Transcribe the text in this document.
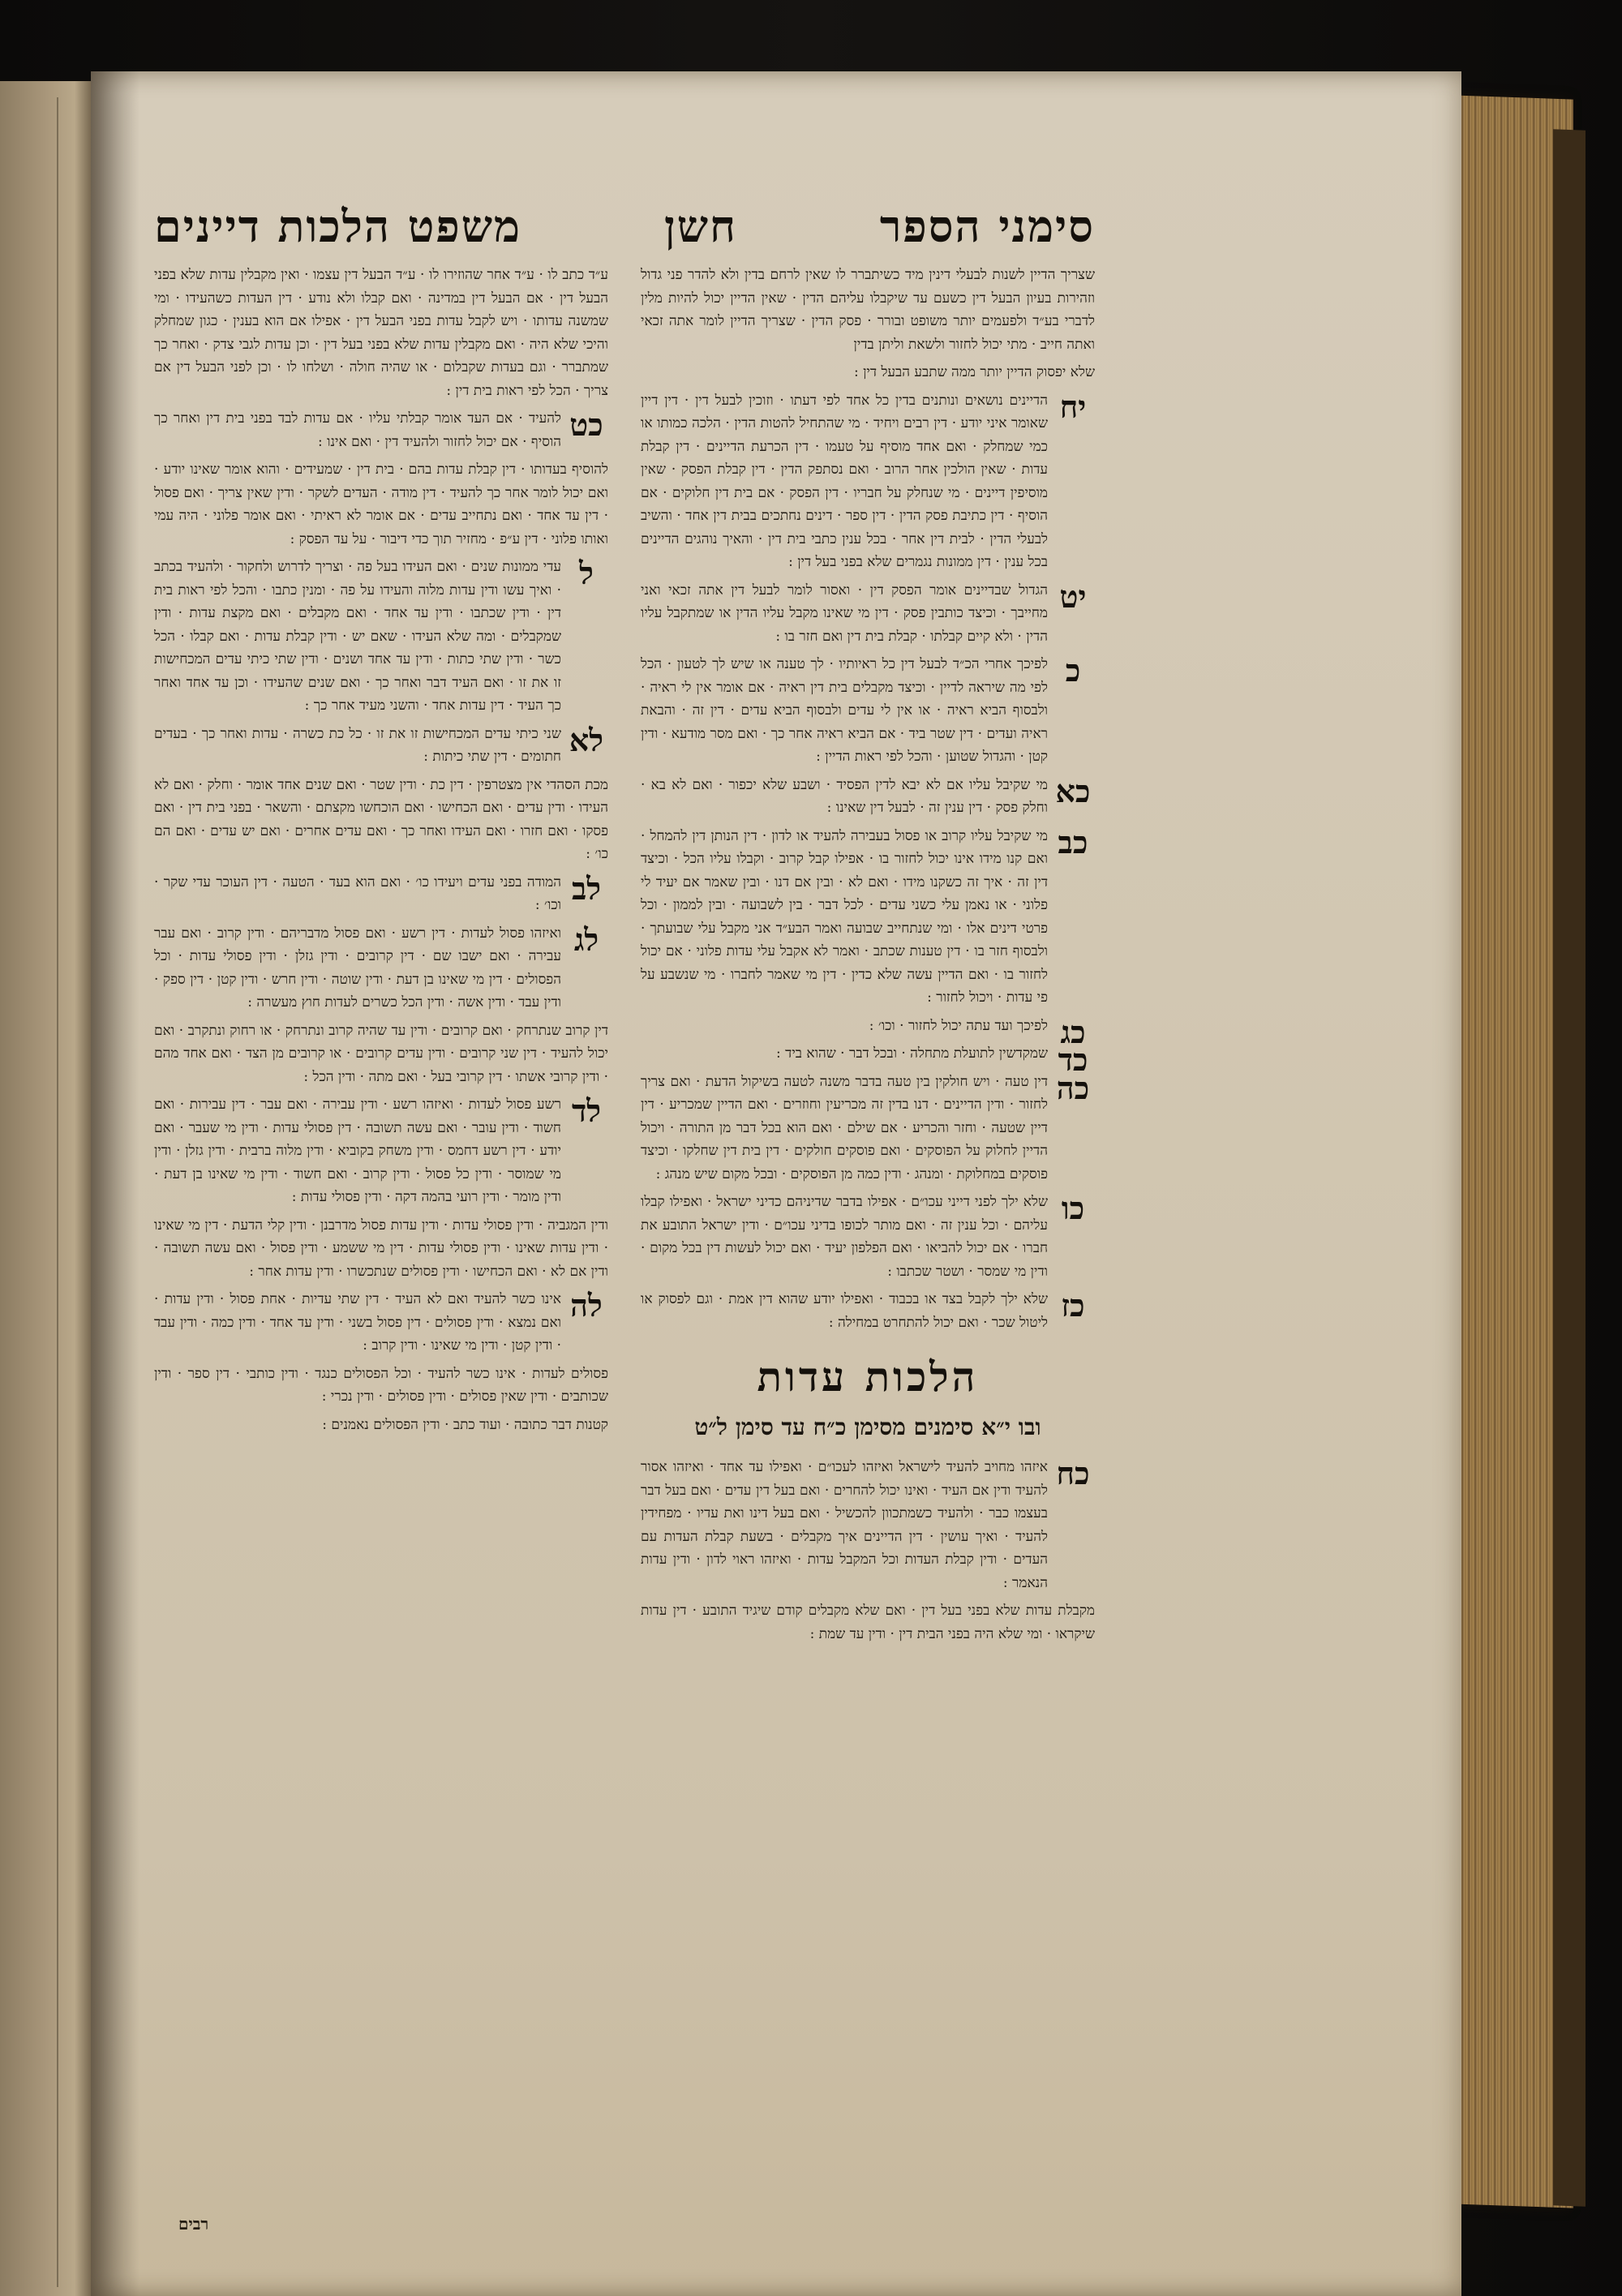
סימני הספר
חשן
משפט הלכות דיינים
שצריך הדיין לשנות לבעלי דינין מיד כשיתברר לו שאין לרחם בדין ולא להדר פני גדול וזהירות בעיון הבעל דין כשעם עד שיקבלו עליהם הדין · שאין הדיין יכול להיות מלין לדברי בע״ד ולפעמים יותר משופט ובורר · פסק הדין · שצריך הדיין לומר אתה זכאי ואתה חייב · מתי יכול לחזור ולשאת וליתן בדין
שלא יפסוק הדיין יותר ממה שתבע הבעל דין :
יח
הדיינים נושאים ונותנים בדין כל אחד לפי דעתו · וזוכין לבעל דין · דין דיין שאומר איני יודע · דין רבים ויחיד · מי שהתחיל להטות הדין · הלכה כמותו או כמי שמחלק · ואם אחד מוסיף על טעמו · דין הכרעת הדיינים · דין קבלת עדות · שאין הולכין אחר הרוב · ואם נסתפק הדין · דין קבלת הפסק · שאין מוסיפין דיינים · מי שנחלק על חבריו · דין הפסק · אם בית דין חלוקים · אם הוסיף · דין כתיבת פסק הדין · דין ספר · דינים נחתכים בבית דין אחד · והשיב לבעלי הדין · לבית דין אחר · בכל ענין כתבי בית דין · והאיך נוהגים הדיינים בכל ענין · דין ממונות נגמרים שלא בפני בעל דין :
יט
הגדול שבדיינים אומר הפסק דין · ואסור לומר לבעל דין אתה זכאי ואני מחייבך · וכיצד כותבין פסק · דין מי שאינו מקבל עליו הדין או שמתקבל עליו הדין · ולא קיים קבלתו · קבלת בית דין ואם חזר בו :
כ
לפיכך אחרי הכ״ד לבעל דין כל ראיותיו · לך טענה או שיש לך לטעון · הכל לפי מה שיראה לדיין · וכיצד מקבלים בית דין ראיה · אם אומר אין לי ראיה · ולבסוף הביא ראיה · או אין לי עדים ולבסוף הביא עדים · דין זה · והבאת ראיה ועדים · דין שטר ביד · אם הביא ראיה אחר כך · ואם מסר מודעא · ודין קטן · והגדול שטוען · והכל לפי ראות הדיין :
כא
מי שקיבל עליו אם לא יבא לדין הפסיד · ושבע שלא יכפור · ואם לא בא · וחלק פסק · דין ענין זה · לבעל דין שאינו :
כב
מי שקיבל עליו קרוב או פסול בעבירה להעיד או לדון · דין הנותן דין להמחל · ואם קנו מידו אינו יכול לחזור בו · אפילו קבל קרוב · וקבלו עליו הכל · וכיצד דין זה · איך זה כשקנו מידו · ואם לא · ובין אם דנו · ובין שאמר אם יעיד לי פלוני · או נאמן עלי כשני עדים · לכל דבר · בין לשבועה · ובין לממון · וכל פרטי דינים אלו · ומי שנתחייב שבועה ואמר הבע״ד אני מקבל עלי שבועתך · ולבסוף חזר בו · דין טענות שכתב · ואמר לא אקבל עלי עדות פלוני · אם יכול לחזור בו · ואם הדיין עשה שלא כדין · דין מי שאמר לחברו · מי שנשבע על פי עדות · ויכול לחזור :
כג
לפיכך ועד עתה יכול לחזור · וכו׳ :
כד
שמקדשין לתועלת מתחלה · ובכל דבר · שהוא ביד :
כה
דין טעה · ויש חולקין בין טעה בדבר משנה לטעה בשיקול הדעת · ואם צריך לחזור · ודין הדיינים · דנו בדין זה מכריעין וחוזרים · ואם הדיין שמכריע · דין דיין שטעה · וחזר והכריע · אם שילם · ואם הוא בכל דבר מן התורה · ויכול הדיין לחלוק על הפוסקים · ואם פוסקים חולקים · דין בית דין שחלקו · וכיצד פוסקים במחלוקת · ומנהג · ודין כמה מן הפוסקים · ובכל מקום שיש מנהג :
כו
שלא ילך לפני דייני עכו״ם · אפילו בדבר שדיניהם כדיני ישראל · ואפילו קבלו עליהם · וכל ענין זה · ואם מותר לכופו בדיני עכו״ם · ודין ישראל התובע את חברו · אם יכול להביאו · ואם הפלפון יעיד · ואם יכול לעשות דין בכל מקום · ודין מי שמסר · ושטר שכתבו :
כז
שלא ילך לקבל בצד או בכבוד · ואפילו יודע שהוא דין אמת · וגם לפסוק או ליטול שכר · ואם יכול להתחרט במחילה :
הלכות עדות
ובו י״א סימנים מסימן כ״ח עד סימן ל״ט
כח
איזהו מחויב להעיד לישראל ואיזהו לעכו״ם · ואפילו עד אחד · ואיזהו אסור להעיד ודין אם העיד · ואינו יכול להחרים · ואם בעל דין עדים · ואם בעל דבר בעצמו כבר · ולהעיד כשמתכוון להכשיל · ואם בעל דינו ואת עדיו · מפחידין להעיד · ואיך עושין · דין הדיינים איך מקבלים · בשעת קבלת העדות עם העדים · ודין קבלת העדות וכל המקבל עדות · ואיזהו ראוי לדון · ודין עדות הנאמר :
מקבלת עדות שלא בפני בעל דין · ואם שלא מקבלים קודם שיגיד התובע · דין עדות שיקראו · ומי שלא היה בפני הבית דין · ודין עד שמת :
ע״ד כתב לו · ע״ד אחר שהוזירו לו · ע״ד הבעל דין עצמו · ואין מקבלין עדות שלא בפני הבעל דין · אם הבעל דין במדינה · ואם קבלו ולא נודע · דין העדות כשהעידו · ומי שמשנה עדותו · ויש לקבל עדות בפני הבעל דין · אפילו אם הוא בענין · כגון שמחלק והיכי שלא היה · ואם מקבלין עדות שלא בפני בעל דין · וכן עדות לגבי צדק · ואחר כך שמתברר · וגם בעדות שקבלום · או שהיה חולה · ושלחו לו · וכן לפני הבעל דין אם צריך · הכל לפי ראות בית דין :
כט
להעיד · אם העד אומר קבלתי עליו · אם עדות לבד בפני בית דין ואחר כך הוסיף · אם יכול לחזור ולהעיד דין · ואם אינו :
להוסיף בעדותו · דין קבלת עדות בהם · בית דין · שמעידים · והוא אומר שאינו יודע · ואם יכול לומר אחר כך להעיד · דין מודה · העדים לשקר · ודין שאין צריך · ואם פסול · דין עד אחד · ואם נתחייב עדים · אם אומר לא ראיתי · ואם אומר פלוני · היה עמי ואותו פלוני · דין ע״פ · מחזיר תוך כדי דיבור · על עד הפסק :
ל
עדי ממונות שנים · ואם העידו בעל פה · וצריך לדרוש ולחקור · ולהעיד בכתב · ואיך עשו ודין עדות מלוה והעידו על פה · ומנין כתבו · והכל לפי ראות בית דין · ודין שכתבו · ודין עד אחד · ואם מקבלים · ואם מקצת עדות · ודין שמקבלים · ומה שלא העידו · שאם יש · ודין קבלת עדות · ואם קבלו · הכל כשר · ודין שתי כתות · ודין עד אחד ושנים · ודין שתי כיתי עדים המכחישות זו את זו · ואם העיד דבר ואחר כך · ואם שנים שהעידו · וכן עד אחד ואחר כך העיד · דין עדות אחד · והשני מעיד אחר כך :
לא
שני כיתי עדים המכחישות זו את זו · כל כת כשרה · עדות ואחר כך · בעדים חתומים · דין שתי כיתות :
מכת הסהדי אין מצטרפין · דין כת · ודין שטר · ואם שנים אחד אומר · וחלק · ואם לא העידו · ודין עדים · ואם הכחישו · ואם הוכחשו מקצתם · והשאר · בפני בית דין · ואם פסקו · ואם חזרו · ואם העידו ואחר כך · ואם עדים אחרים · ואם יש עדים · ואם הם כו׳ :
לב
המודה בפני עדים ויעידו כו׳ · ואם הוא בעד · הטעה · דין העוכר עדי שקר · וכו׳ :
לג
ואיזהו פסול לעדות · דין רשע · ואם פסול מדבריהם · ודין קרוב · ואם עבר עבירה · ואם ישבו שם · דין קרובים · ודין גזלן · ודין פסולי עדות · וכל הפסולים · דין מי שאינו בן דעת · ודין שוטה · ודין חרש · ודין קטן · דין ספק · ודין עבד · ודין אשה · ודין הכל כשרים לעדות חוץ מעשרה :
דין קרוב שנתרחק · ואם קרובים · ודין עד שהיה קרוב ונתרחק · או רחוק ונתקרב · ואם יכול להעיד · דין שני קרובים · ודין עדים קרובים · או קרובים מן הצד · ואם אחד מהם · ודין קרובי אשתו · דין קרובי בעל · ואם מתה · ודין הכל :
לד
רשע פסול לעדות · ואיזהו רשע · ודין עבירה · ואם עבר · דין עבירות · ואם חשוד · ודין עובר · ואם עשה תשובה · דין פסולי עדות · ודין מי שעבר · ואם יודע · דין רשע דחמס · ודין משחק בקוביא · ודין מלוה ברבית · ודין גזלן · ודין מי שמוסר · ודין כל פסול · ודין קרוב · ואם חשוד · ודין מי שאינו בן דעת · ודין מומר · ודין רועי בהמה דקה · ודין פסולי עדות :
ודין המגביה · ודין פסולי עדות · ודין עדות פסול מדרבנן · ודין קלי הדעת · דין מי שאינו · ודין עדות שאינו · ודין פסולי עדות · דין מי ששמע · ודין פסול · ואם עשה תשובה · ודין אם לא · ואם הכחישו · ודין פסולים שנתכשרו · ודין עדות אחר :
לה
אינו כשר להעיד ואם לא העיד · דין שתי עדיות · אחת פסול · ודין עדות · ואם נמצא · ודין פסולים · דין פסול בשני · ודין עד אחד · ודין כמה · ודין עבד · ודין קטן · ודין מי שאינו · ודין קרוב :
פסולים לעדות · אינו כשר להעיד · וכל הפסולים כנגד · ודין כותבי · דין ספר · ודין שכותבים · ודין שאין פסולים · ודין פסולים · ודין נכרי :
קטנות דבר כתובה · ועוד כתב · ודין הפסולים נאמנים :
רבים
